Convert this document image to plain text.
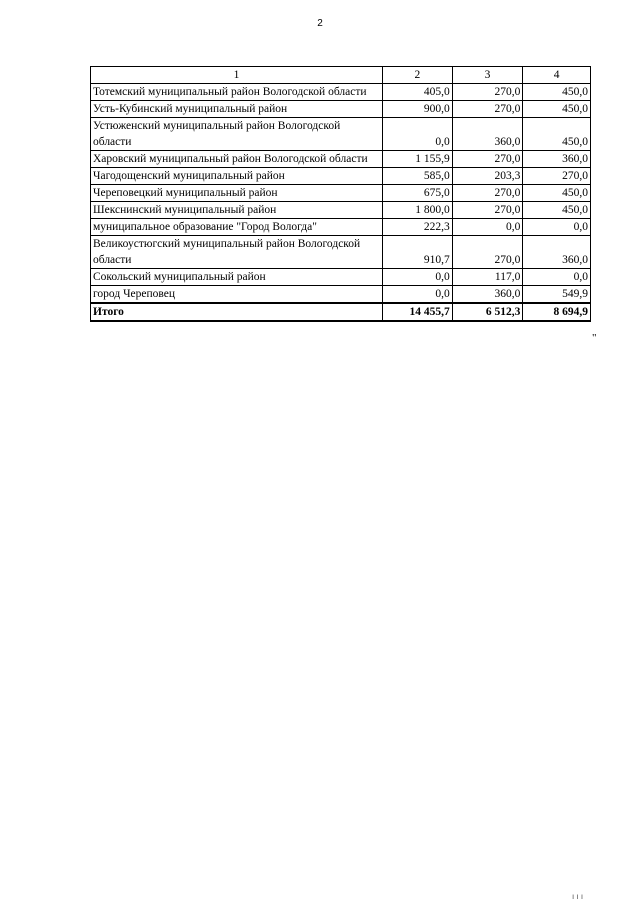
2
1	2	3	4
Тотемский муниципальный район Вологодской области	405,0	270,0	450,0
Усть-Кубинский муниципальный район	900,0	270,0	450,0
Устюженский муниципальный район Вологодской области	0,0	360,0	450,0
Харовский муниципальный район Вологодской области	1 155,9	270,0	360,0
Чагодощенский муниципальный район	585,0	203,3	270,0
Череповецкий муниципальный район	675,0	270,0	450,0
Шекснинский муниципальный район	1 800,0	270,0	450,0
муниципальное образование "Город Вологда"	222,3	0,0	0,0
Великоустюгский муниципальный район Вологодской области	910,7	270,0	360,0
Сокольский муниципальный район	0,0	117,0	0,0
город Череповец	0,0	360,0	549,9
Итого	14 455,7	6 512,3	8 694,9
"
ı ı ı
